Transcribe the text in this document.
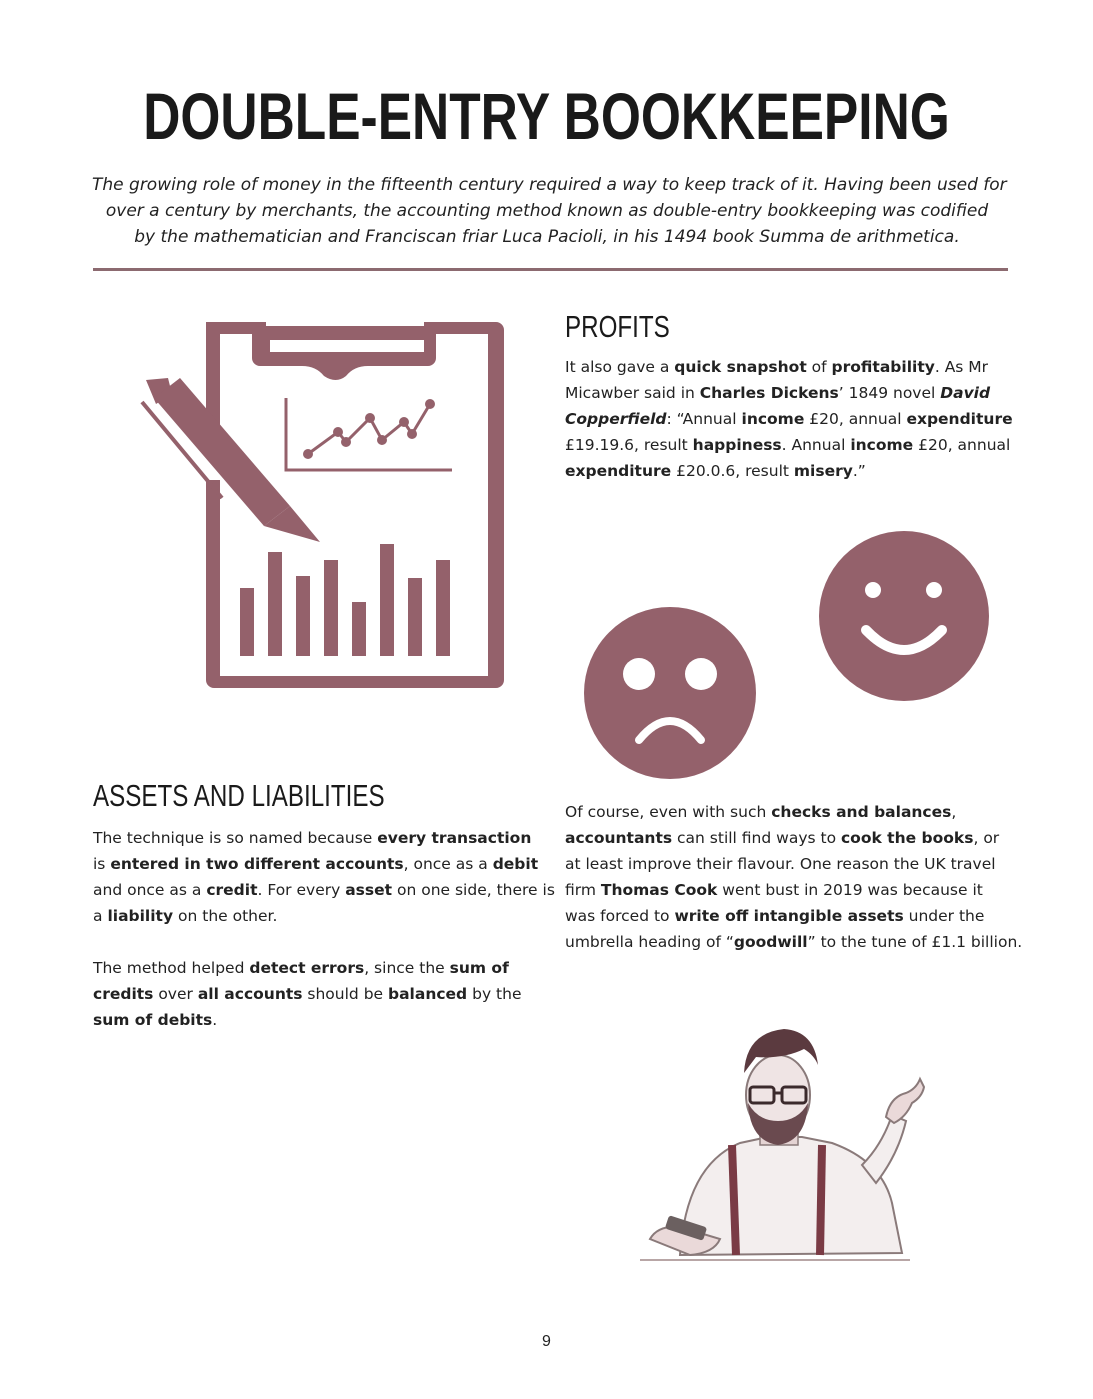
DOUBLE-ENTRY BOOKKEEPING
The growing role of money in the fifteenth century required a way to keep track of it. Having been used for
over a century by merchants, the accounting method known as double-entry bookkeeping was codified
by the mathematician and Franciscan friar Luca Pacioli, in his 1494 book Summa de arithmetica.
PROFITS
It also gave a quick snapshot of profitability. As Mr
Micawber said in Charles Dickens’ 1849 novel David
Copperfield: “Annual income £20, annual expenditure
£19.19.6, result happiness. Annual income £20, annual
expenditure £20.0.6, result misery.”
ASSETS AND LIABILITIES
The technique is so named because every transaction
is entered in two different accounts, once as a debit
and once as a credit. For every asset on one side, there is
a liability on the other.
The method helped detect errors, since the sum of
credits over all accounts should be balanced by the
sum of debits.
Of course, even with such checks and balances,
accountants can still find ways to cook the books, or
at least improve their flavour. One reason the UK travel
firm Thomas Cook went bust in 2019 was because it
was forced to write off intangible assets under the
umbrella heading of “goodwill” to the tune of £1.1 billion.
9
